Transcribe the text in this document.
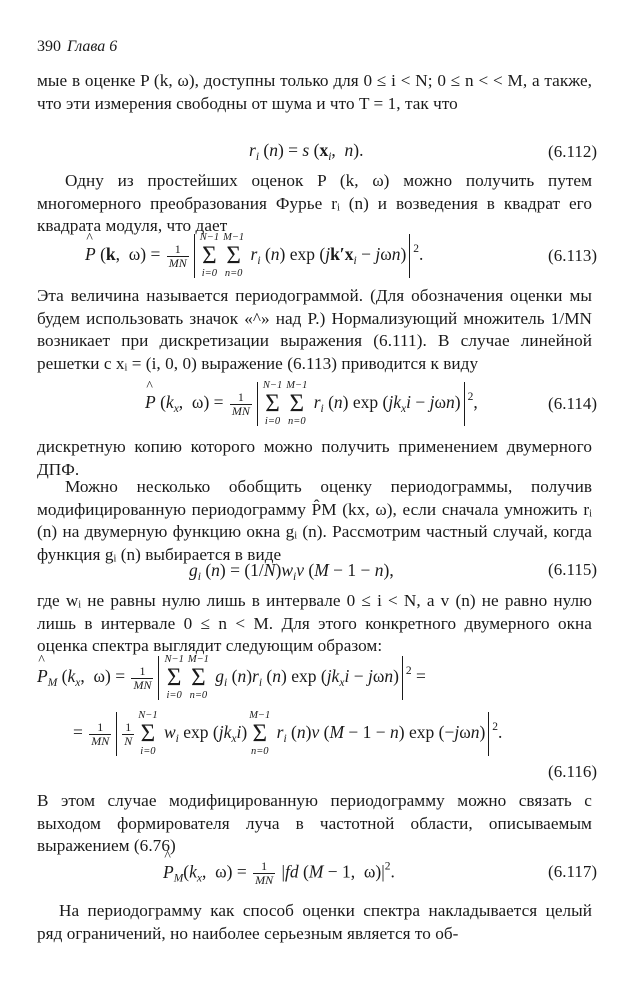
390 Глава 6
мые в оценке P (k, ω), доступны только для 0 ≤ i < N; 0 ≤ n < < M, а также, что эти измерения свободны от шума и что T = 1, так что
$r_i$ (n) = s ($x_i$,  n).	(6.112)
Одну из простейших оценок P (k, ω) можно получить путем многомерного преобразования Фурье rᵢ (n) и возведения в квадрат его квадрата модуля, что дает
^ P (k,  $\omega) = \frac{1}{MN}$
N−1
Σ
i=0
M−1
Σ
n=0
$r_i$ (n) $\exp (jk'x_i - j\omega n)$ $^2$.	(6.113)
Эта величина называется периодограммой. (Для обозначения оценки мы будем использовать значок «^» над P.) Нормализующий множитель 1/MN возникает при дискретизации выражения (6.111). В случае линейной решетки с xᵢ = (i, 0, 0) выражение (6.113) приводится к виду
^ P ($k_x$,  $\omega) = \frac{1}{MN}$
N−1
Σ
i=0
M−1
Σ
n=0
$r_i$ (n) $\exp (jk_xi - j\omega n)$ $^2$,	(6.114)
дискретную копию которого можно получить применением двумерного ДПФ.
Можно несколько обобщить оценку периодограммы, получив модифицированную периодограмму P̂M (kx, ω), если сначала умножить rᵢ (n) на двумерную функцию окна gᵢ (n). Рассмотрим частный случай, когда функция gᵢ (n) выбирается в виде
$g_i$ $(n) = (1/N)w_iv$ (M − 1 − n),	(6.115)
где wᵢ не равны нулю лишь в интервале 0 ≤ i < N, а v (n) не равно нулю лишь в интервале 0 ≤ n < M. Для этого конкретного двумерного окна оценка спектра выглядит следующим образом:
^ $P_M$ ($k_x$,  $\omega) = \frac{1}{MN}$
N−1
Σ
i=0
M−1
Σ
n=0
$g_i$ $(n)r_i$ (n) $\exp (jk_xi - j\omega n) ^2$ =
= $\frac{1}{MN} \frac{1}{N}$
N−1
Σ
i=0
$w_i$ $\exp (jk_xi)$
M−1
Σ
n=0
$r_i$ (n)v (M − 1 − n) exp (−jωn) $^2$.
(6.116)
В этом случае модифицированную периодограмму можно связать с выходом формирователя луча в частотной области, описываемым выражением (6.76)
^ $P_M(k_x$,  $\omega) = \frac{1}{MN} |fd$ (M − 1,  $\omega)|^2$.	(6.117)
На периодограмму как способ оценки спектра накладывается целый ряд ограничений, но наиболее серьезным является то об-
